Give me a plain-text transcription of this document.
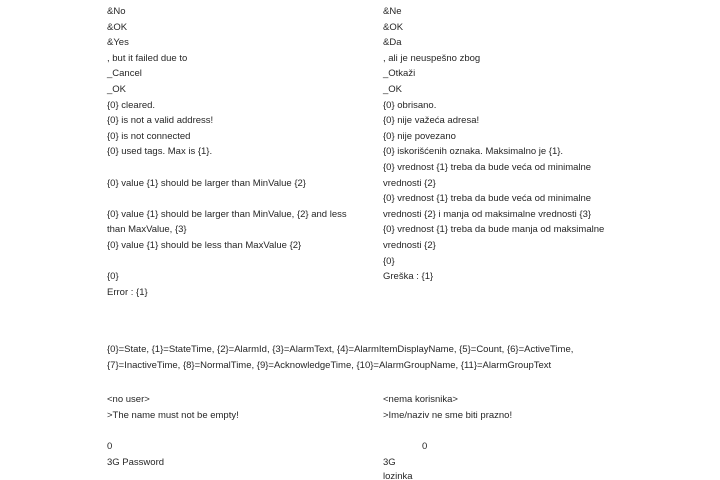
&No
&OK
&Yes
, but it failed due to
_Cancel
_OK
{0} cleared.
{0} is not a valid address!
{0} is not connected
{0} used tags. Max is {1}.
{0} value {1} should be larger than MinValue {2}
{0} value {1} should be larger than MinValue, {2} and less than MaxValue, {3}
{0} value {1} should be less than MaxValue {2}
{0}
Error : {1}
&Ne
&OK
&Da
, ali je neuspešno zbog
_Otkaži
_OK
{0} obrisano.
{0} nije važeća adresa!
{0} nije povezano
{0} iskorišćenih oznaka. Maksimalno je {1}.
{0} vrednost {1} treba da bude veća od minimalne vrednosti {2}
{0} vrednost {1} treba da bude veća od minimalne vrednosti {2} i manja od maksimalne vrednosti {3}
{0} vrednost {1} treba da bude manja od maksimalne vrednosti {2}
{0}
Greška : {1}
{0}=State, {1}=StateTime, {2}=AlarmId, {3}=AlarmText, {4}=AlarmItemDisplayName, {5}=Count, {6}=ActiveTime, {7}=InactiveTime, {8}=NormalTime, {9}=AcknowledgeTime, {10}=AlarmGroupName, {11}=AlarmGroupText
<no user>
>The name must not be empty!
0
3G Password
<nema korisnika>
>Ime/naziv ne sme biti prazno!
0
3G
lozinka
